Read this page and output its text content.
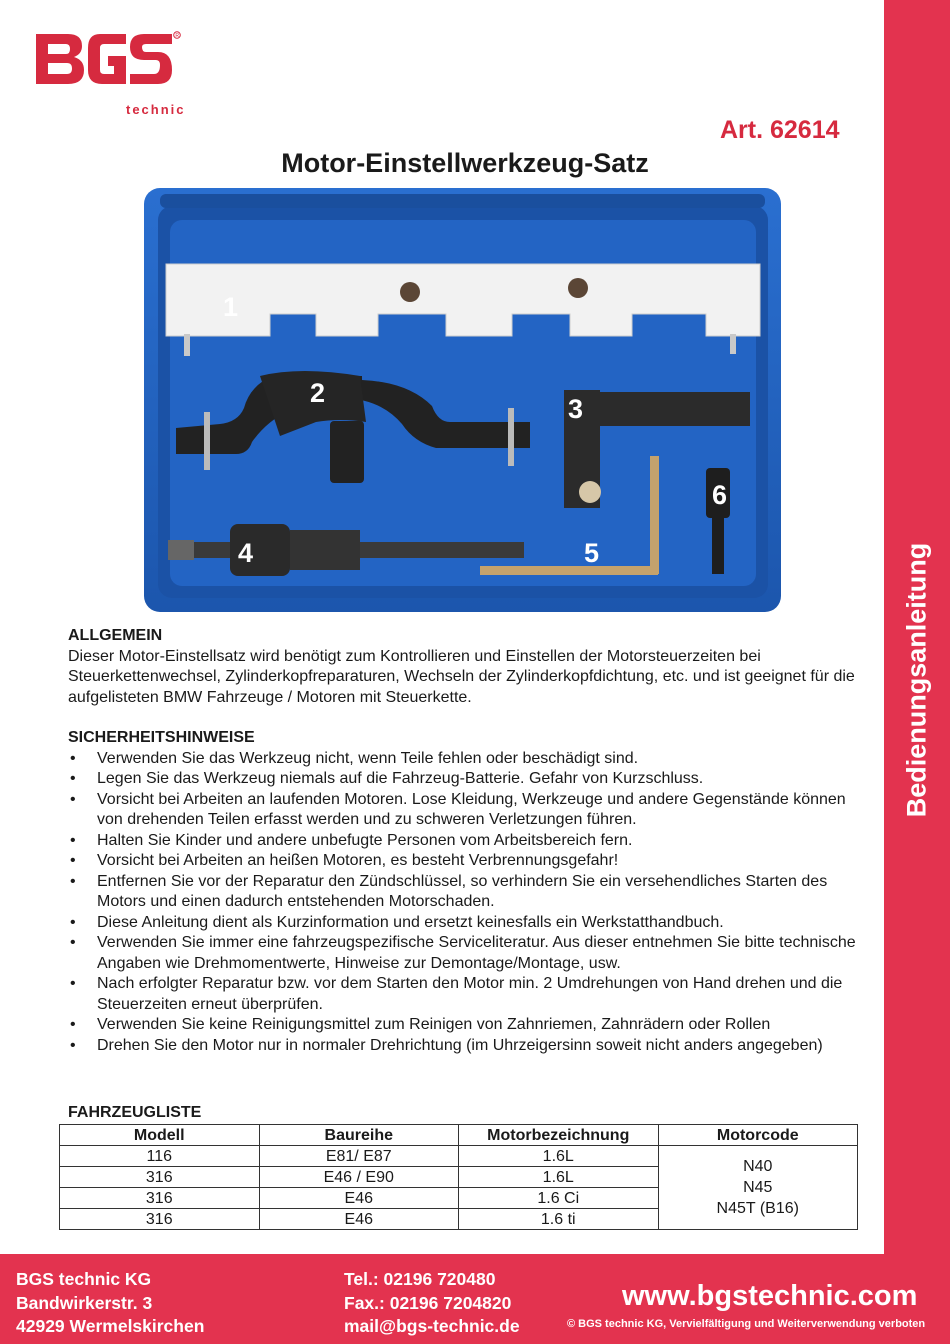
Bedienungsanleitung
R
technic
Art. 62614
Motor-Einstellwerkzeug-Satz
1
2
3
4	5
6
ALLGEMEIN

Dieser Motor-Einstellsatz wird benötigt zum Kontrollieren und Einstellen der Motorsteuerzeiten bei Steuerkettenwechsel, Zylinderkopfreparaturen, Wechseln der Zylinderkopfdichtung, etc. und ist geeignet für die aufgelisteten BMW Fahrzeuge / Motoren mit Steuerkette.

SICHERHEITSHINWEISE
• Verwenden Sie das Werkzeug nicht, wenn Teile fehlen oder beschädigt sind.
• Legen Sie das Werkzeug niemals auf die Fahrzeug-Batterie. Gefahr von Kurzschluss.
• Vorsicht bei Arbeiten an laufenden Motoren. Lose Kleidung, Werkzeuge und andere Gegenstände können von drehenden Teilen erfasst werden und zu schweren Verletzungen führen.
• Halten Sie Kinder und andere unbefugte Personen vom Arbeitsbereich fern.
• Vorsicht bei Arbeiten an heißen Motoren, es besteht Verbrennungsgefahr!
• Entfernen Sie vor der Reparatur den Zündschlüssel, so verhindern Sie ein versehendliches Starten des Motors und einen dadurch entstehenden Motorschaden.
• Diese Anleitung dient als Kurzinformation und ersetzt keinesfalls ein Werkstatthandbuch.
• Verwenden Sie immer eine fahrzeugspezifische Serviceliteratur. Aus dieser entnehmen Sie bitte technische Angaben wie Drehmomentwerte, Hinweise zur Demontage/Montage, usw.
• Nach erfolgter Reparatur bzw. vor dem Starten den Motor min. 2 Umdrehungen von Hand drehen und die Steuerzeiten erneut überprüfen.
• Verwenden Sie keine Reinigungsmittel zum Reinigen von Zahnriemen, Zahnrädern oder Rollen
• Drehen Sie den Motor nur in normaler Drehrichtung (im Uhrzeigersinn soweit nicht anders angegeben)
FAHRZEUGLISTE
Modell	Baureihe	Motorbezeichnung	Motorcode
116	E81/ E87	1.6L	N40
N45
N45T (B16)

316	E46 / E90	1.6L	
316	E46	1.6 Ci	
316	E46	1.6 ti	
BGS technic KG
Bandwirkerstr. 3
42929 Wermelskirchen
Tel.: 02196 720480
Fax.: 02196 7204820
mail@bgs-technic.de
www.bgstechnic.com
© BGS technic KG, Vervielfältigung und Weiterverwendung verboten
